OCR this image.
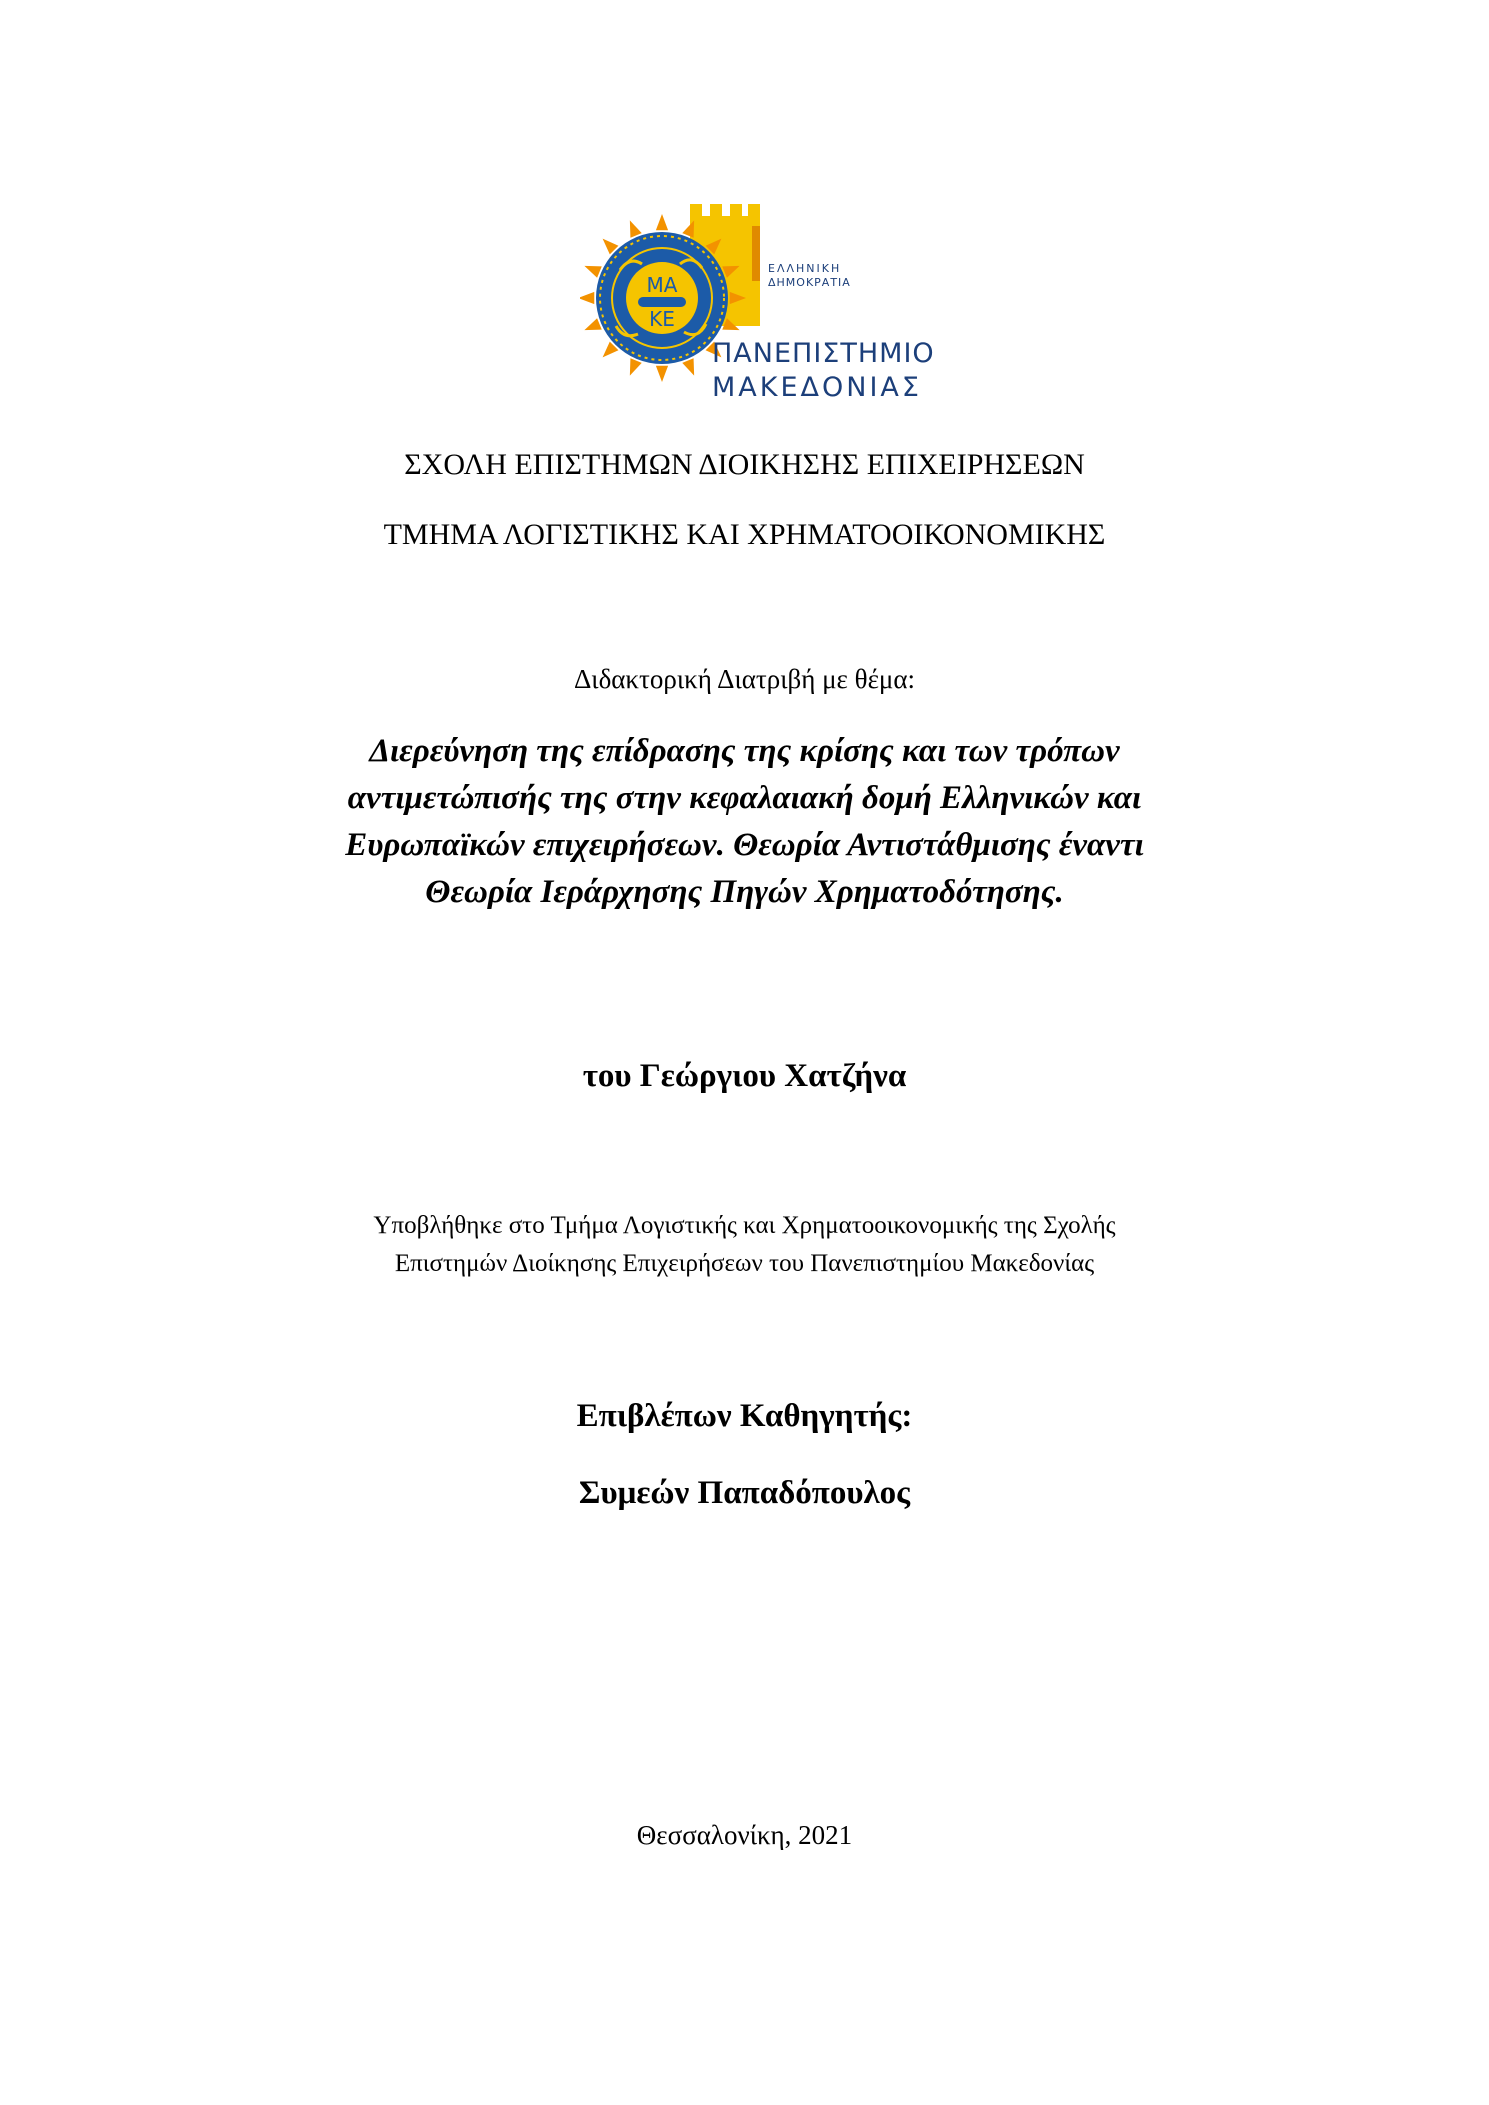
ΜΑ
ΚΕ
ΕΛΛΗΝΙΚΗ
ΔΗΜΟΚΡΑΤΙΑ
ΠΑΝΕΠΙΣΤΗΜΙΟ
ΜΑΚΕΔΟΝΙΑΣ
ΣΧΟΛΗ ΕΠΙΣΤΗΜΩΝ ΔΙΟΙΚΗΣΗΣ ΕΠΙΧΕΙΡΗΣΕΩΝ
ΤΜΗΜΑ ΛΟΓΙΣΤΙΚΗΣ ΚΑΙ ΧΡΗΜΑΤΟΟΙΚΟΝΟΜΙΚΗΣ
Διδακτορική Διατριβή με θέμα:
Διερεύνηση της επίδρασης της κρίσης και των τρόπων
αντιμετώπισής της στην κεφαλαιακή δομή Ελληνικών και
Ευρωπαϊκών επιχειρήσεων. Θεωρία Αντιστάθμισης έναντι
Θεωρία Ιεράρχησης Πηγών Χρηματοδότησης.
του Γεώργιου Χατζήνα
Υποβλήθηκε στο Τμήμα Λογιστικής και Χρηματοοικονομικής της Σχολής
Επιστημών Διοίκησης Επιχειρήσεων του Πανεπιστημίου Μακεδονίας
Επιβλέπων Καθηγητής:
Συμεών Παπαδόπουλος
Θεσσαλονίκη, 2021
